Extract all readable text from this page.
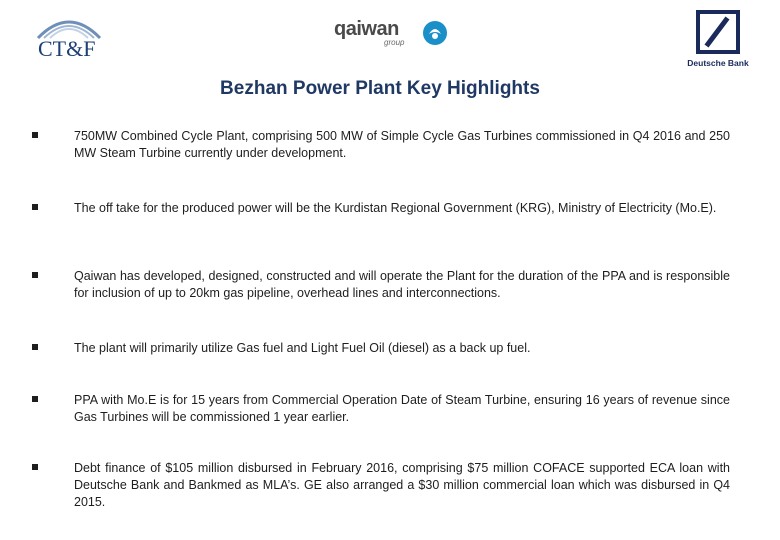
CT&F
qaiwan
group
Deutsche Bank
Bezhan Power Plant Key Highlights
750MW Combined Cycle Plant, comprising 500 MW of Simple Cycle Gas Turbines commissioned in Q4 2016 and 250 MW Steam Turbine currently under development.
The off take for the produced power will be the Kurdistan Regional Government (KRG), Ministry of Electricity (Mo.E).
Qaiwan has developed, designed, constructed and will operate the Plant for the duration of the PPA and is responsible for inclusion of up to 20km gas pipeline, overhead lines and interconnections.
The plant will primarily utilize Gas fuel and Light Fuel Oil (diesel) as a back up fuel.
PPA with Mo.E is for 15 years from Commercial Operation Date of Steam Turbine, ensuring 16 years of revenue since Gas Turbines will be commissioned 1 year earlier.
Debt finance of $105 million disbursed in February 2016, comprising $75 million COFACE supported ECA loan with Deutsche Bank and Bankmed as MLA’s. GE also arranged a $30 million commercial loan which was disbursed in Q4 2015.
